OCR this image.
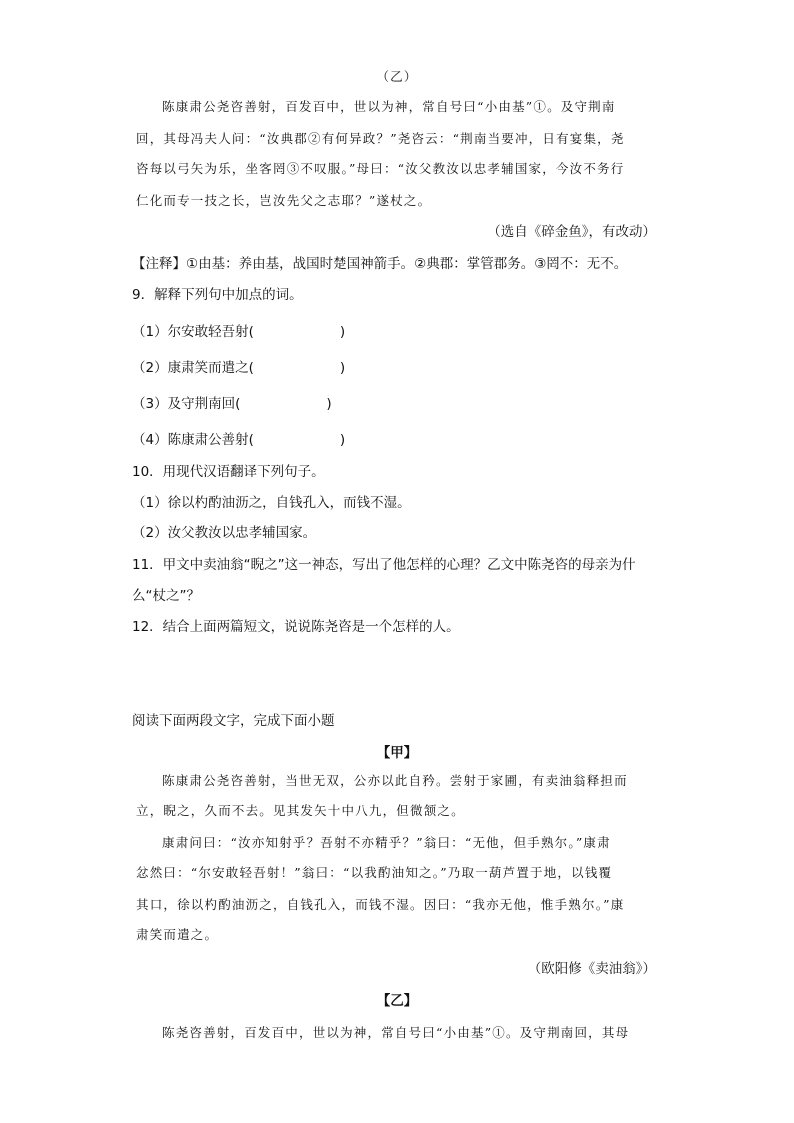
（乙）
陈康肃公尧咨善射，百发百中，世以为神，常自号曰“小由基”①。及守荆南
回，其母冯夫人问：“汝典郡②有何异政？”尧咨云：“荆南当要冲，日有宴集，尧
咨每以弓矢为乐，坐客罔③不叹服。”母曰：“汝父教汝以忠孝辅国家，今汝不务行
仁化而专一技之长，岂汝先父之志耶？”遂杖之。
（选自《碎金鱼》，有改动）
【注释】①由基：养由基，战国时楚国神箭手。②典郡：掌管郡务。③罔不：无不。
9．解释下列句中加点的词。
（1）尔安敢轻吾射(	)
（2）康肃笑而遣之(	)
（3）及守荆南回(	)
（4）陈康肃公善射(	)
10．用现代汉语翻译下列句子。
（1）徐以杓酌油沥之，自钱孔入，而钱不湿。
（2）汝父教汝以忠孝辅国家。
11．甲文中卖油翁“睨之”这一神态，写出了他怎样的心理？乙文中陈尧咨的母亲为什
么“杖之”？
12．结合上面两篇短文，说说陈尧咨是一个怎样的人。
阅读下面两段文字，完成下面小题
【甲】
陈康肃公尧咨善射，当世无双，公亦以此自矜。尝射于家圃，有卖油翁释担而
立，睨之，久而不去。见其发矢十中八九，但微颔之。
康肃问曰：“汝亦知射乎？吾射不亦精乎？”翁曰：“无他，但手熟尔。”康肃
忿然曰：“尔安敢轻吾射！”翁曰：“以我酌油知之。”乃取一葫芦置于地，以钱覆
其口，徐以杓酌油沥之，自钱孔入，而钱不湿。因曰：“我亦无他，惟手熟尔。”康
肃笑而遣之。
（欧阳修《卖油翁》）
【乙】
陈尧咨善射，百发百中，世以为神，常自号曰“小由基”①。及守荆南回，其母
